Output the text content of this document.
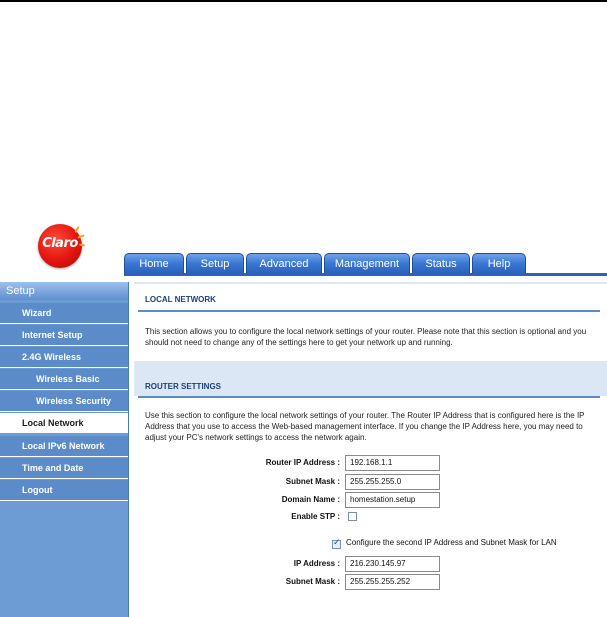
Claro
Home	Setup	Advanced	Management	Status	Help
Setup
Wizard
Internet Setup
2.4G Wireless
Wireless Basic
Wireless Security
Local Network
Local IPv6 Network
Time and Date
Logout
LOCAL NETWORK
This section allows you to configure the local network settings of your router. Please note that this section is optional and you should not need to change any of the settings here to get your network up and running.
ROUTER SETTINGS
Use this section to configure the local network settings of your router. The Router IP Address that is configured here is the IP Address that you use to access the Web-based management interface. If you change the IP Address here, you may need to adjust your PC's network settings to access the network again.
Router IP Address :	192.168.1.1
Subnet Mask :	255.255.255.0
Domain Name :	homestation.setup
Enable STP :
✓
Configure the second IP Address and Subnet Mask for LAN
IP Address :	216.230.145.97
Subnet Mask :	255.255.255.252
